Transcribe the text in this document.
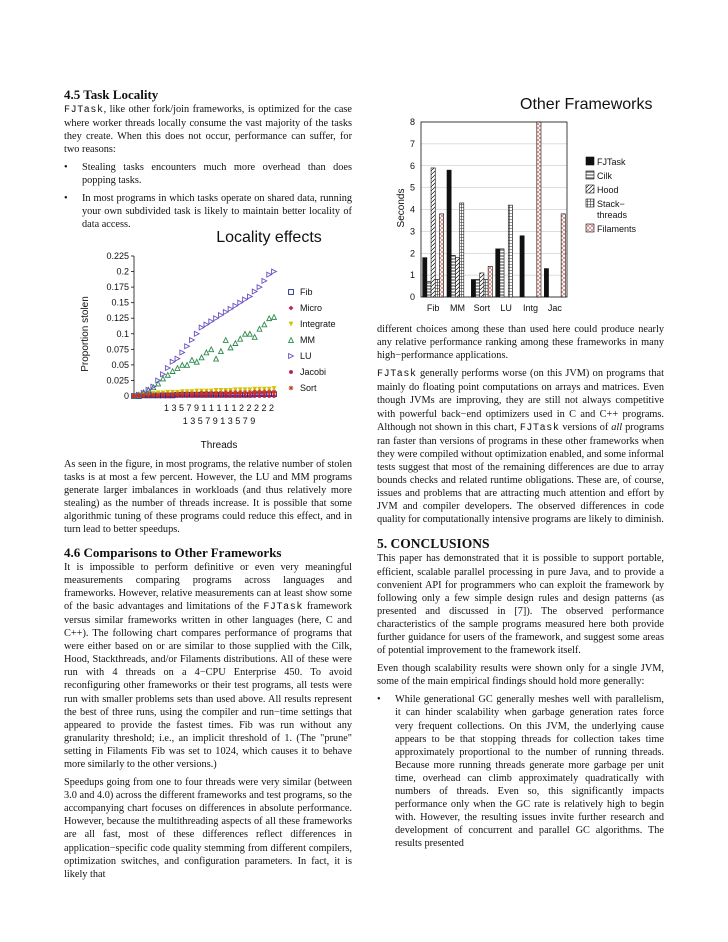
4.5 Task Locality

FJTask, like other fork/join frameworks, is optimized for the case where worker threads locally consume the vast majority of the tasks they create. When this does not occur, performance can suffer, for two reasons:

• Stealing tasks encounters much more overhead than does popping tasks.
• In most programs in which tasks operate on shared data, running your own subdivided task is likely to maintain better locality of data access.
Locality effects
Proportion stolen
0
0.025
0.05
0.075
0.1
0.125
0.15
0.175
0.2
0.225
1 3 5 7 9 1 1 1 1 1 2 2 2 2 2
1 3 5 7 9 1 3 5 7 9
Threads
Fib
Micro
Integrate
MM
LU
Jacobi
Sort

As seen in the figure, in most programs, the relative number of stolen tasks is at most a few percent. However, the LU and MM programs generate larger imbalances in workloads (and thus relatively more stealing) as the number of threads increase. It is possible that some algorithmic tuning of these programs could reduce this effect, and in turn lead to better speedups.

4.6 Comparisons to Other Frameworks

It is impossible to perform definitive or even very meaningful measurements comparing programs across languages and frameworks. However, relative measurements can at least show some of the basic advantages and limitations of the FJTask framework versus similar frameworks written in other languages (here, C and C++). The following chart compares performance of programs that were either based on or are similar to those supplied with the Cilk, Hood, Stackthreads, and/or Filaments distributions. All of these were run with 4 threads on a 4−CPU Enterprise 450. To avoid reconfiguring other frameworks or their test programs, all tests were run with smaller problems sets than used above. All results represent the best of three runs, using the compiler and run−time settings that appeared to provide the fastest times. Fib was run without any granularity threshold; i.e., an implicit threshold of 1. (The "prune" setting in Filaments Fib was set to 1024, which causes it to behave more similarly to the other versions.)

Speedups going from one to four threads were very similar (between 3.0 and 4.0) across the different frameworks and test programs, so the accompanying chart focuses on differences in absolute performance. However, because the multithreading aspects of all these frameworks are all fast, most of these differences reflect differences in application−specific code quality stemming from different compilers, optimization switches, and configuration parameters. In fact, it is likely that

Other Frameworks
Seconds
0
1
2
3
4
5
6
7
8
Fib MM Sort LU Intg Jac
FJTask
Cilk
Hood
Stack− threads
Filaments

different choices among these than used here could produce nearly any relative performance ranking among these frameworks in many high−performance applications.

FJTask generally performs worse (on this JVM) on programs that mainly do floating point computations on arrays and matrices. Even though JVMs are improving, they are still not always competitive with powerful back−end optimizers used in C and C++ programs. Although not shown in this chart, FJTask versions of all programs ran faster than versions of programs in these other frameworks when they were compiled without optimization enabled, and some informal tests suggest that most of the remaining differences are due to array bounds checks and related runtime obligations. These are, of course, issues and problems that are attracting much attention and effort by JVM and compiler developers. The observed differences in code quality for computationally intensive programs are likely to diminish.

5. CONCLUSIONS

This paper has demonstrated that it is possible to support portable, efficient, scalable parallel processing in pure Java, and to provide a convenient API for programmers who can exploit the framework by following only a few simple design rules and design patterns (as presented and discussed in [7]). The observed performance characteristics of the sample programs measured here both provide further guidance for users of the framework, and suggest some areas of potential improvement to the framework itself.

Even though scalability results were shown only for a single JVM, some of the main empirical findings should hold more generally:

• While generational GC generally meshes well with parallelism, it can hinder scalability when garbage generation rates force very frequent collections. On this JVM, the underlying cause appears to be that stopping threads for collection takes time approximately proportional to the number of running threads. Because more running threads generate more garbage per unit time, overhead can climb approximately quadratically with numbers of threads. Even so, this significantly impacts performance only when the GC rate is relatively high to begin with. However, the resulting issues invite further research and development of concurrent and parallel GC algorithms. The results presented
